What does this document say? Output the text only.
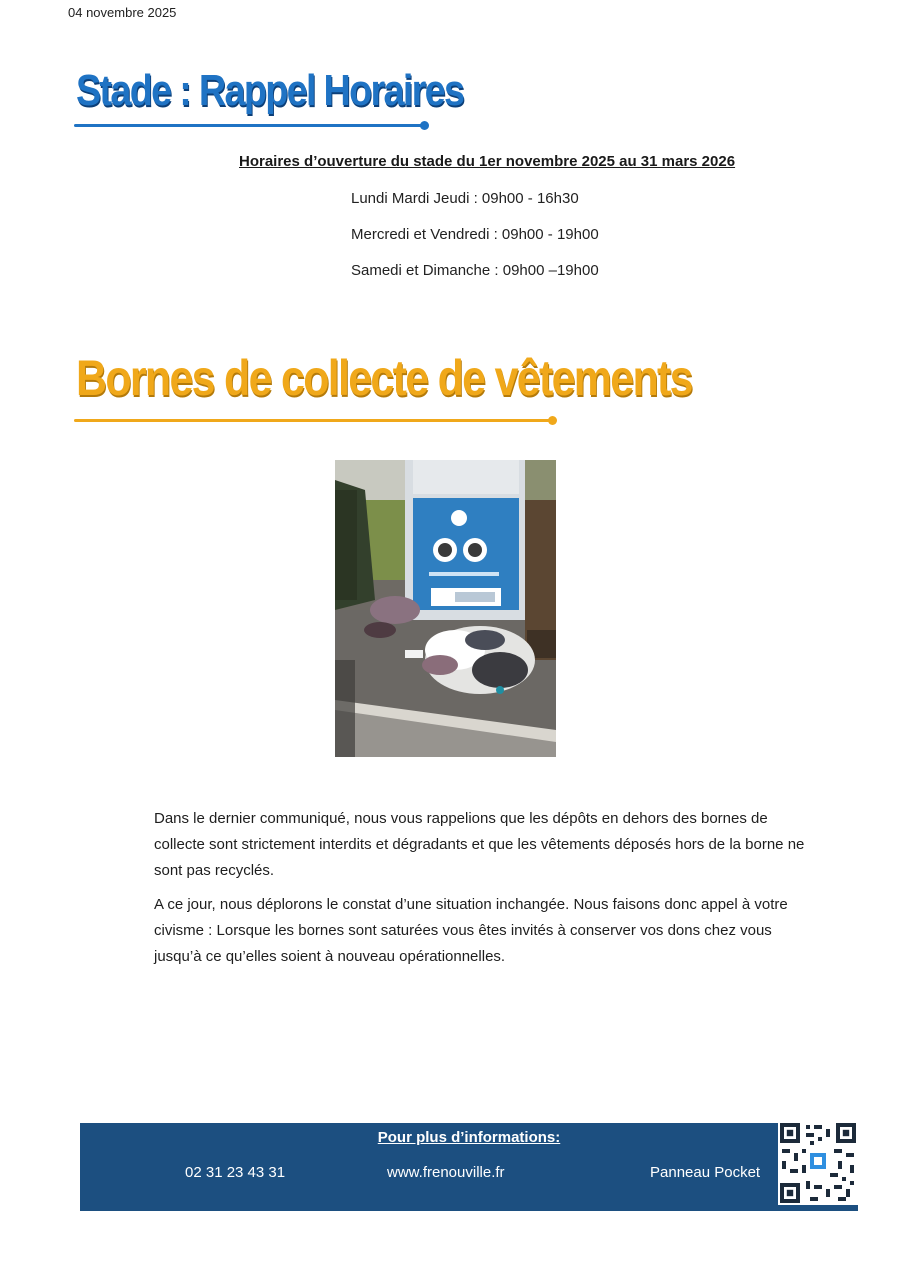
04 novembre 2025
Stade : Rappel Horaires
Horaires d’ouverture du stade du 1er novembre 2025 au 31 mars 2026
Lundi Mardi Jeudi : 09h00 - 16h30
Mercredi et Vendredi : 09h00 - 19h00
Samedi et Dimanche : 09h00 –19h00
Bornes de collecte de vêtements

Dans le dernier communiqué, nous vous rappelions que les dépôts en dehors des bornes de collecte sont strictement interdits et dégradants et que les vêtements déposés hors de la borne ne sont pas recyclés.

A ce jour, nous déplorons le constat d’une situation inchangée. Nous faisons donc appel à votre civisme : Lorsque les bornes sont saturées vous êtes invités à conserver vos dons chez vous jusqu’à ce qu’elles soient à nouveau opérationnelles.

Pour plus d’informations:
02 31 23 43 31	www.frenouville.fr	Panneau Pocket
